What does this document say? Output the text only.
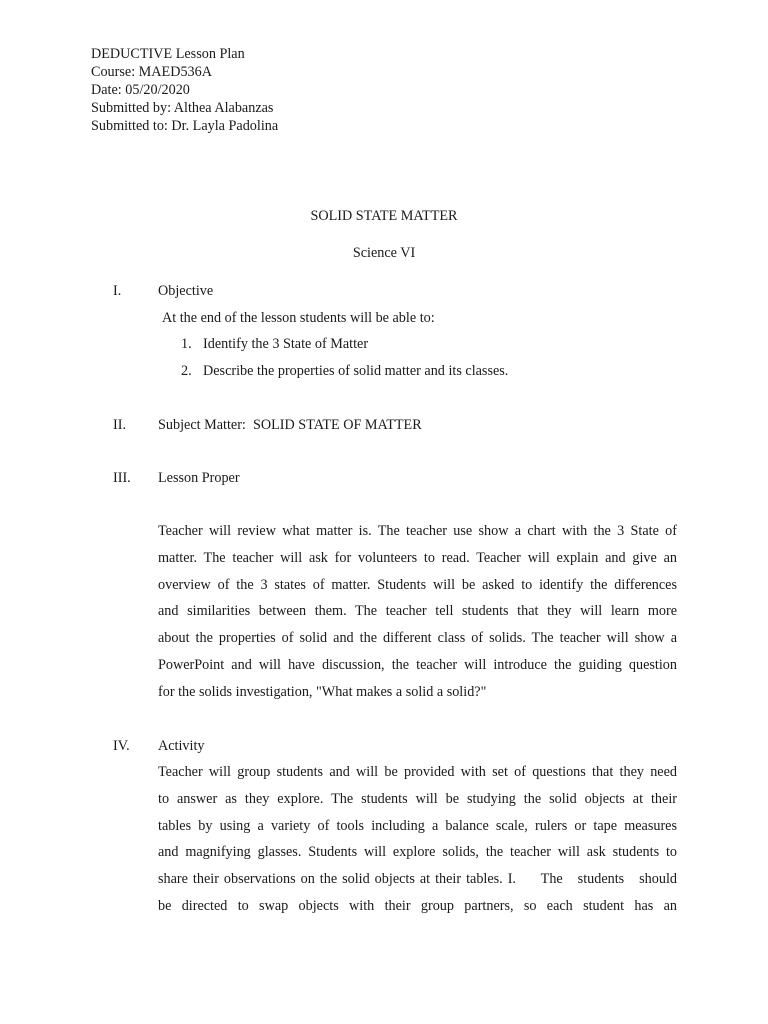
DEDUCTIVE Lesson Plan
Course: MAED536A
Date: 05/20/2020
Submitted by: Althea Alabanzas
Submitted to: Dr. Layla Padolina
SOLID STATE MATTER
Science VI
I.	Objective
At the end of the lesson students will be able to:
1. Identify the 3 State of Matter
2. Describe the properties of solid matter and its classes.
II. Subject Matter:  SOLID STATE OF MATTER
III. Lesson Proper
Teacher will review what matter is. The teacher use show a chart with the 3 State of
matter. The teacher will ask for volunteers to read. Teacher will explain and give an
overview of the 3 states of matter. Students will be asked to identify the differences
and similarities between them. The teacher tell students that they will learn more
about the properties of solid and the different class of solids. The teacher will show a
PowerPoint and will have discussion, the teacher will introduce the guiding question
for the solids investigation, "What makes a solid a solid?"
IV. Activity
Teacher will group students and will be provided with set of questions that they need
to answer as they explore. The students will be studying the solid objects at their
tables by using a variety of tools including a balance scale, rulers or tape measures
and magnifying glasses. Students will explore solids, the teacher will ask students to
share their observations on the solid objects at their tables. I.     The   students   should
be directed to swap objects with their group partners, so each student has an
